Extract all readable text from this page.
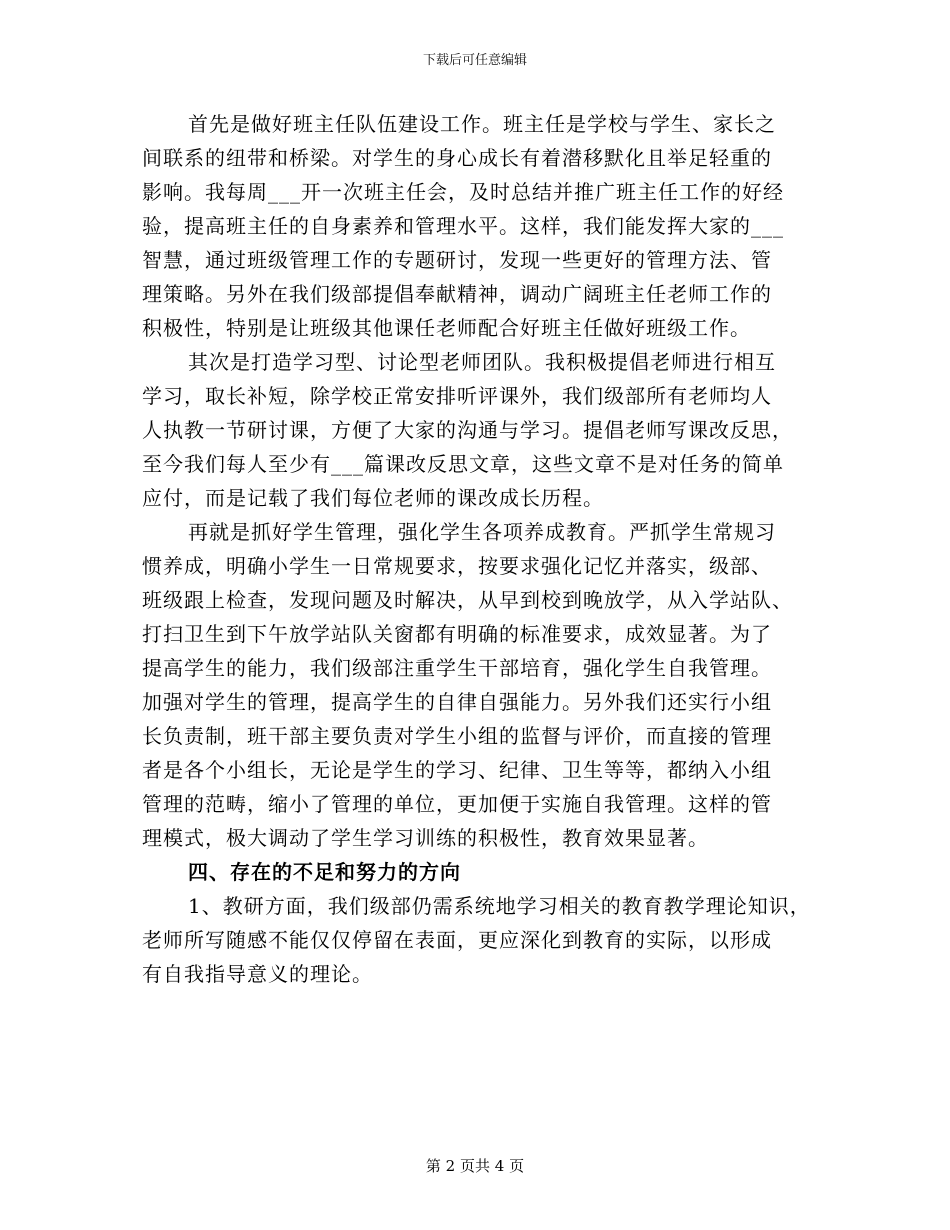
下载后可任意编辑
首先是做好班主任队伍建设工作。班主任是学校与学生、家长之
间联系的纽带和桥梁。对学生的身心成长有着潜移默化且举足轻重的
影响。我每周___开一次班主任会，及时总结并推广班主任工作的好经
验，提高班主任的自身素养和管理水平。这样，我们能发挥大家的___
智慧，通过班级管理工作的专题研讨，发现一些更好的管理方法、管
理策略。另外在我们级部提倡奉献精神，调动广阔班主任老师工作的
积极性，特别是让班级其他课任老师配合好班主任做好班级工作。
其次是打造学习型、讨论型老师团队。我积极提倡老师进行相互
学习，取长补短，除学校正常安排听评课外，我们级部所有老师均人
人执教一节研讨课，方便了大家的沟通与学习。提倡老师写课改反思，
至今我们每人至少有___篇课改反思文章，这些文章不是对任务的简单
应付，而是记载了我们每位老师的课改成长历程。
再就是抓好学生管理，强化学生各项养成教育。严抓学生常规习
惯养成，明确小学生一日常规要求，按要求强化记忆并落实，级部、
班级跟上检查，发现问题及时解决，从早到校到晚放学，从入学站队、
打扫卫生到下午放学站队关窗都有明确的标准要求，成效显著。为了
提高学生的能力，我们级部注重学生干部培育，强化学生自我管理。
加强对学生的管理，提高学生的自律自强能力。另外我们还实行小组
长负责制，班干部主要负责对学生小组的监督与评价，而直接的管理
者是各个小组长，无论是学生的学习、纪律、卫生等等，都纳入小组
管理的范畴，缩小了管理的单位，更加便于实施自我管理。这样的管
理模式，极大调动了学生学习训练的积极性，教育效果显著。
四、存在的不足和努力的方向
1、教研方面，我们级部仍需系统地学习相关的教育教学理论知识，
老师所写随感不能仅仅停留在表面，更应深化到教育的实际，以形成
有自我指导意义的理论。
第 2 页共 4 页
